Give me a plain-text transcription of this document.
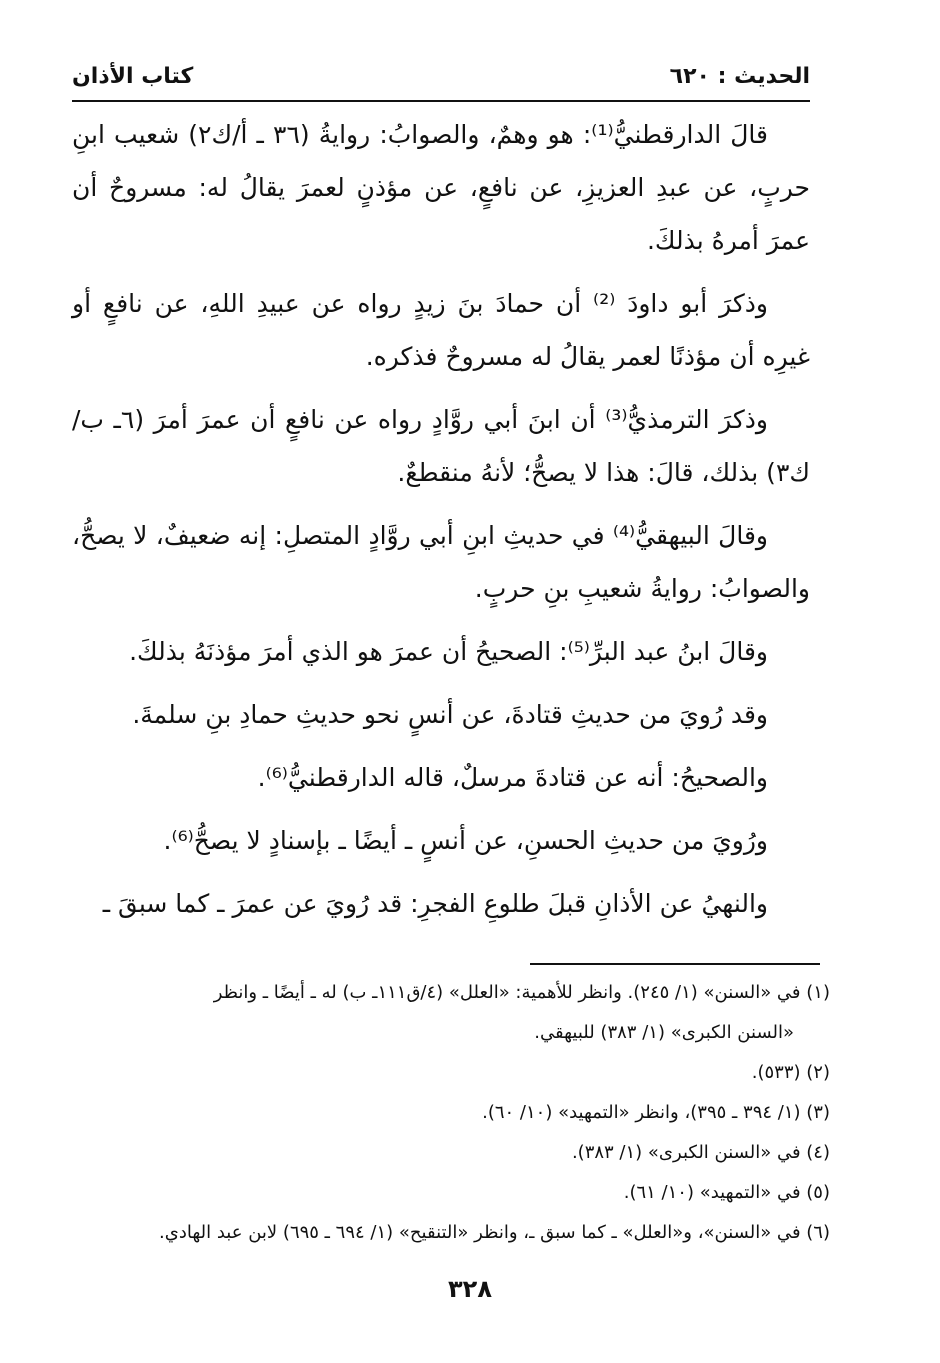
الحديث : ٦٢٠
كتاب الأذان

قالَ الدارقطنيُّ⁽¹⁾: هو وهمٌ، والصوابُ: روايةُ (٣٦ ـ أ/ك٢) شعيب ابنِ حربٍ، عن عبدِ العزيزِ، عن نافعٍ، عن مؤذنٍ لعمرَ يقالُ له: مسروحٌ أن عمرَ أمرهُ بذلكَ.

وذكرَ أبو داودَ ⁽²⁾ أن حمادَ بنَ زيدٍ رواه عن عبيدِ اللهِ، عن نافعٍ أو غيرِه أن مؤذنًا لعمر يقالُ له مسروحٌ فذكره.

وذكرَ الترمذيُّ⁽³⁾ أن ابنَ أبي روَّادٍ رواه عن نافعٍ أن عمرَ أمرَ (٦ـ ب/ ك٣) بذلك، قالَ: هذا لا يصحُّ؛ لأنهُ منقطعٌ.

وقالَ البيهقيُّ⁽⁴⁾ في حديثِ ابنِ أبي روَّادٍ المتصلِ: إنه ضعيفٌ، لا يصحُّ، والصوابُ: روايةُ شعيبِ بنِ حربٍ.

وقالَ ابنُ عبد البرِّ⁽⁵⁾: الصحيحُ أن عمرَ هو الذي أمرَ مؤذنَهُ بذلكَ.

وقد رُويَ من حديثِ قتادةَ، عن أنسٍ نحو حديثِ حمادِ بنِ سلمةَ.

والصحيحُ: أنه عن قتادةَ مرسلٌ، قاله الدارقطنيُّ⁽⁶⁾.

ورُويَ من حديثِ الحسنِ، عن أنسٍ ـ أيضًا ـ بإسنادٍ لا يصحُّ⁽⁶⁾.

والنهيُ عن الأذانِ قبلَ طلوعِ الفجرِ: قد رُويَ عن عمرَ ـ كما سبقَ ـ

(١) في «السنن» (١/ ٢٤٥). وانظر للأهمية: «العلل» (٤/ق١١١ـ ب) له ـ أيضًا ـ وانظر
«السنن الكبرى» (١/ ٣٨٣) للبيهقي.
(٢) (٥٣٣).
(٣) (١/ ٣٩٤ ـ ٣٩٥)، وانظر «التمهيد» (١٠/ ٦٠).
(٤) في «السنن الكبرى» (١/ ٣٨٣).
(٥) في «التمهيد» (١٠/ ٦١).
(٦) في «السنن»، و«العلل» ـ كما سبق ـ، وانظر «التنقيح» (١/ ٦٩٤ ـ ٦٩٥) لابن عبد الهادي.
٣٢٨
